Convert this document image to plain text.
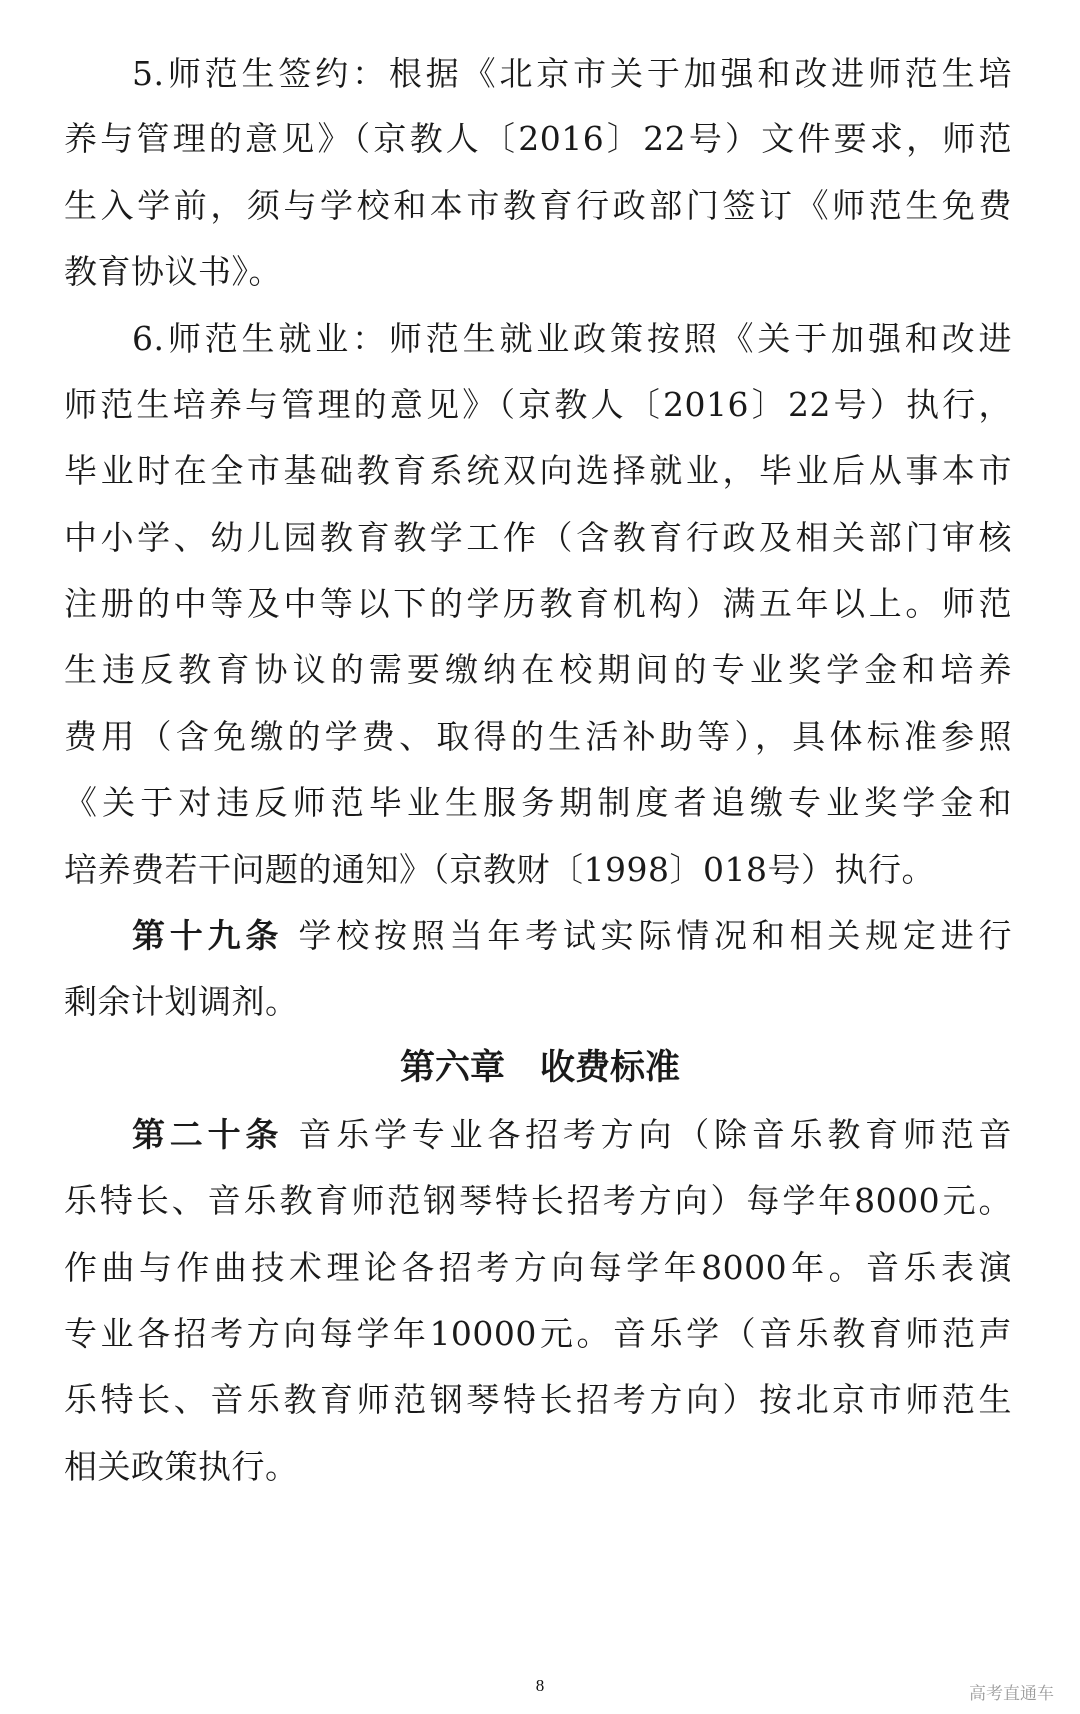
5.师范生签约：根据《北京市关于加强和改进师范生培
养与管理的意见》（京教人〔2016〕22号）文件要求，师范
生入学前，须与学校和本市教育行政部门签订《师范生免费
教育协议书》。
6.师范生就业：师范生就业政策按照《关于加强和改进
师范生培养与管理的意见》（京教人〔2016〕22号）执行，
毕业时在全市基础教育系统双向选择就业，毕业后从事本市
中小学、幼儿园教育教学工作（含教育行政及相关部门审核
注册的中等及中等以下的学历教育机构）满五年以上。师范
生违反教育协议的需要缴纳在校期间的专业奖学金和培养
费用（含免缴的学费、取得的生活补助等），具体标准参照
《关于对违反师范毕业生服务期制度者追缴专业奖学金和
培养费若干问题的通知》（京教财〔1998〕018号）执行。
第十九条 学校按照当年考试实际情况和相关规定进行
剩余计划调剂。
第六章　收费标准
第二十条 音乐学专业各招考方向（除音乐教育师范音
乐特长、音乐教育师范钢琴特长招考方向）每学年8000元。
作曲与作曲技术理论各招考方向每学年8000年。音乐表演
专业各招考方向每学年10000元。音乐学（音乐教育师范声
乐特长、音乐教育师范钢琴特长招考方向）按北京市师范生
相关政策执行。
8	高考直通车
